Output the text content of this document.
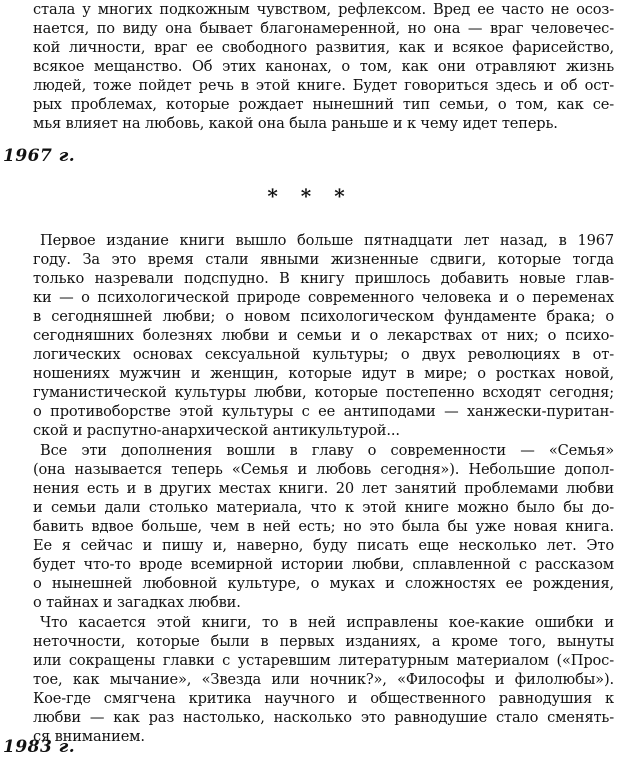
стала у многих подкожным чувством, рефлексом. Вред ее часто не осоз-
нается, по виду она бывает благонамеренной, но она — враг человечес-
кой личности, враг ее свободного развития, как и всякое фарисейство,
всякое мещанство. Об этих канонах, о том, как они отравляют жизнь
людей, тоже пойдет речь в этой книге. Будет говориться здесь и об ост-
рых проблемах, которые рождает нынешний тип семьи, о том, как се-
мья влияет на любовь, какой она была раньше и к чему идет теперь.
1967 г.
* * *
Первое издание книги вышло больше пятнадцати лет назад, в 1967
году. За это время стали явными жизненные сдвиги, которые тогда
только назревали подспудно. В книгу пришлось добавить новые глав-
ки — о психологической природе современного человека и о переменах
в сегодняшней любви; о новом психологическом фундаменте брака; о
сегодняшних болезнях любви и семьи и о лекарствах от них; о психо-
логических основах сексуальной культуры; о двух революциях в от-
ношениях мужчин и женщин, которые идут в мире; о ростках новой,
гуманистической культуры любви, которые постепенно всходят сегодня;
о противоборстве этой культуры с ее антиподами — ханжески-пуритан-
ской и распутно-анархической антикультурой...
Все эти дополнения вошли в главу о современности — «Семья»
(она называется теперь «Семья и любовь сегодня»). Небольшие допол-
нения есть и в других местах книги. 20 лет занятий проблемами любви
и семьи дали столько материала, что к этой книге можно было бы до-
бавить вдвое больше, чем в ней есть; но это была бы уже новая книга.
Ее я сейчас и пишу и, наверно, буду писать еще несколько лет. Это
будет что-то вроде всемирной истории любви, сплавленной с рассказом
о нынешней любовной культуре, о муках и сложностях ее рождения,
о тайнах и загадках любви.
Что касается этой книги, то в ней исправлены кое-какие ошибки и
неточности, которые были в первых изданиях, а кроме того, вынуты
или сокращены главки с устаревшим литературным материалом («Прос-
тое, как мычание», «Звезда или ночник?», «Философы и филолюбы»).
Кое-где смягчена критика научного и общественного равнодушия к
любви — как раз настолько, насколько это равнодушие стало сменять-
ся вниманием.
1983 г.
